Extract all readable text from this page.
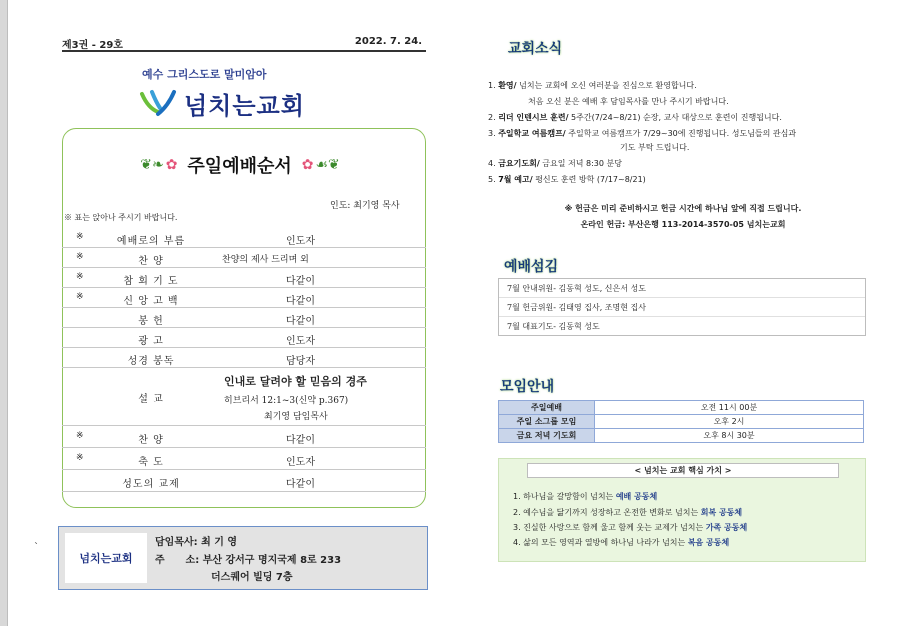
제3권 - 29호	2022. 7. 24.
예수 그리스도로 말미암아
넘치는교회
❦❧ ✿ 주일예배순서 ✿ ☙❦
인도: 최기영 목사
※ 표는 앉아나 주시기 바랍니다.
※	예배로의 부름	인도자
※	찬 양	찬양의 제사 드리며 외
※	참 회 기 도	다같이
※	신 앙 고 백	다같이
봉 헌	다같이
광 고	인도자
성경 봉독	담당자
설 교
인내로 달려야 할 믿음의 경주
히브리서 12:1~3(신약 p.367)
최기영 담임목사
※	찬 양	다같이
※	축 도	인도자
성도의 교제	다같이
`
넘치는교회
담임목사: 최 기 영
주      소: 부산 강서구 명지국제 8로 233
더스퀘어 빌딩 7층
교회소식
1. 환영/ 넘치는 교회에 오신 여러분을 진심으로 환영합니다.
처음 오신 분은 예배 후 담임목사를 만나 주시기 바랍니다.
2. 리더 인텐시브 훈련/ 5주간(7/24~8/21) 순장, 교사 대상으로 훈련이 진행됩니다.
3. 주일학교 여름캠프/ 주일학교 여름캠프가 7/29~30에 진행됩니다. 성도님들의 관심과
기도 부탁 드립니다.
4. 금요기도회/ 금요일 저녁 8:30 분당
5. 7월 예고/ 평신도 훈련 방학 (7/17~8/21)
※ 헌금은 미리 준비하시고 헌금 시간에 하나님 앞에 직접 드립니다.
온라인 헌금: 부산은행 113-2014-3570-05 넘치는교회
예배섬김
7월 안내위원- 김동혁 성도, 신은서 성도
7월 헌금위원- 김태영 집사, 조명현 집사
7월 대표기도- 김동혁 성도
모임안내
주일예배	오전 11시 00분
주일 소그룹 모임	오후 2시
금요 저녁 기도회	오후 8시 30분
< 넘치는 교회 핵심 가치 >
1. 하나님을 갈망함이 넘치는 예배 공동체
2. 예수님을 닮기까지 성장하고 온전한 변화로 넘치는 회복 공동체
3. 진실한 사랑으로 함께 울고 함께 웃는 교제가 넘치는 가족 공동체
4. 삶의 모든 영역과 열방에 하나님 나라가 넘치는 복음 공동체
